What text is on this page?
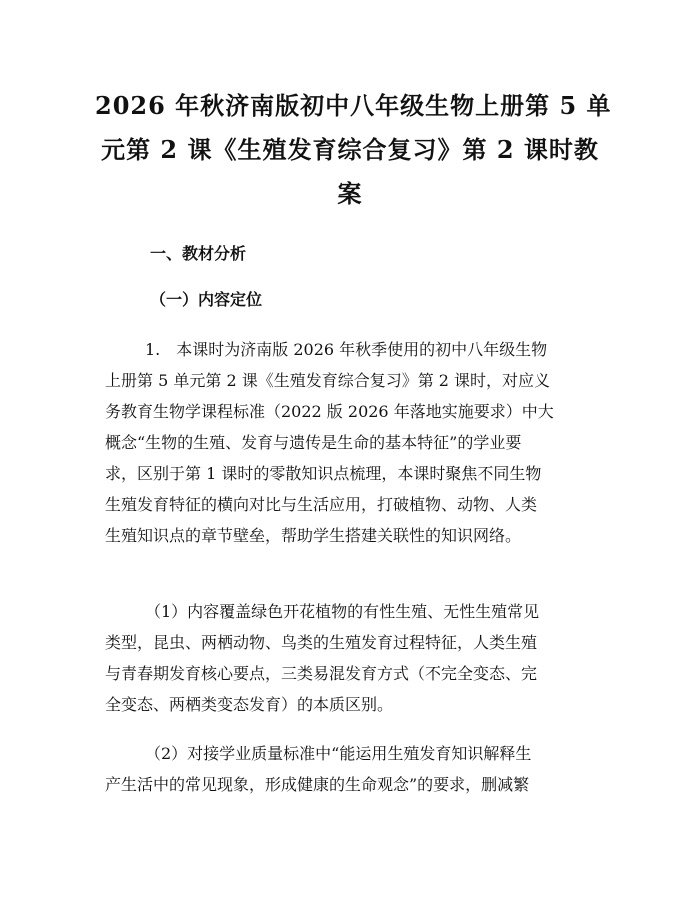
2026 年秋济南版初中八年级生物上册第 5 单
元第 2 课《生殖发育综合复习》第 2 课时教
案
一、教材分析
（一）内容定位

1.　本课时为济南版 2026 年秋季使用的初中八年级生物
上册第 5 单元第 2 课《生殖发育综合复习》第 2 课时，对应义
务教育生物学课程标准（2022 版 2026 年落地实施要求）中大
概念“生物的生殖、发育与遗传是生命的基本特征”的学业要
求，区别于第 1 课时的零散知识点梳理，本课时聚焦不同生物
生殖发育特征的横向对比与生活应用，打破植物、动物、人类
生殖知识点的章节壁垒，帮助学生搭建关联性的知识网络。

（1）内容覆盖绿色开花植物的有性生殖、无性生殖常见
类型，昆虫、两栖动物、鸟类的生殖发育过程特征，人类生殖
与青春期发育核心要点，三类易混发育方式（不完全变态、完
全变态、两栖类变态发育）的本质区别。

（2）对接学业质量标准中“能运用生殖发育知识解释生
产生活中的常见现象，形成健康的生命观念”的要求，删减繁
